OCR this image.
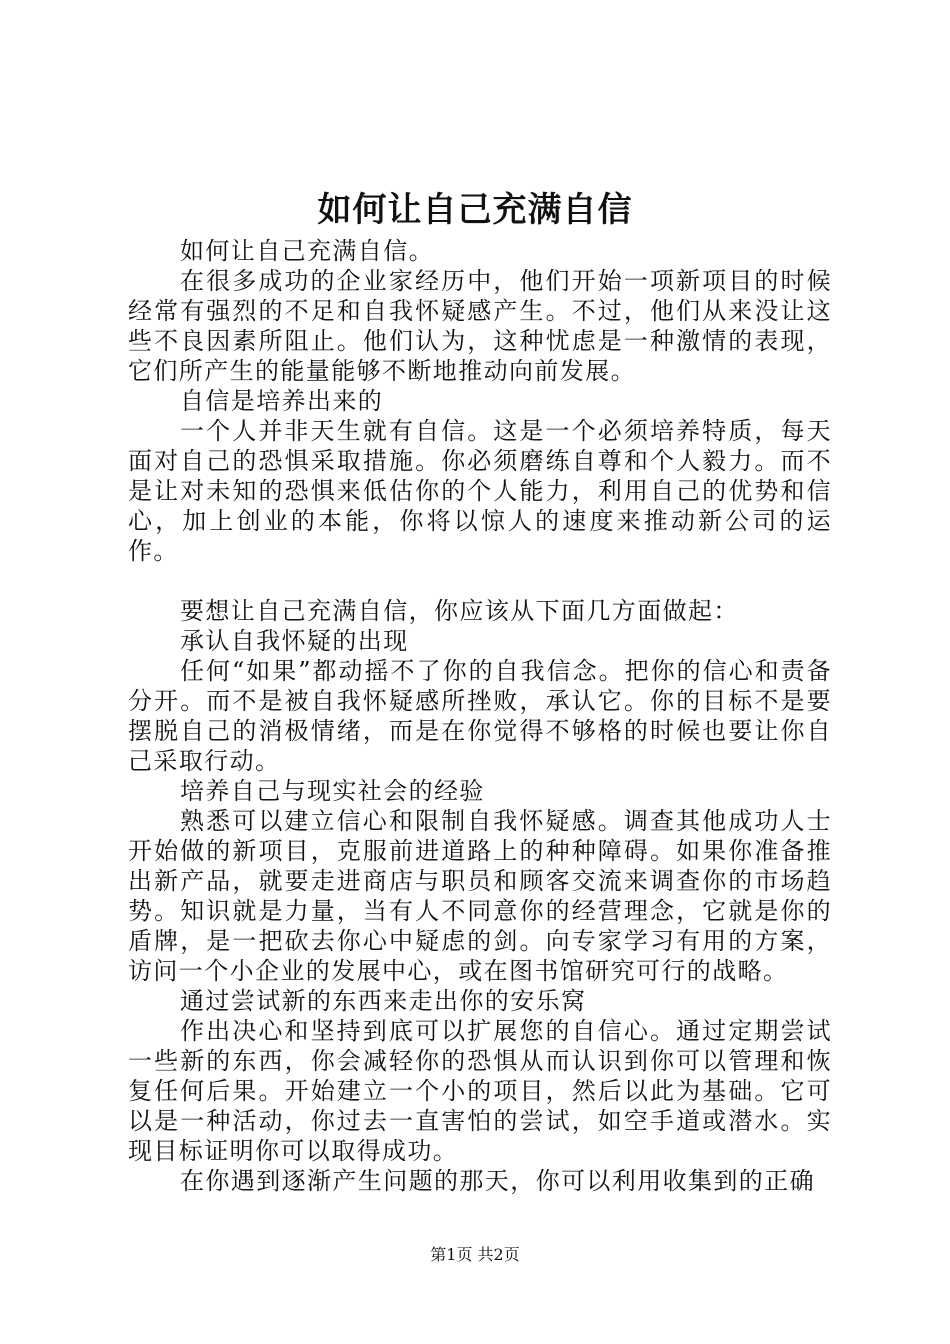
如何让自己充满自信

如何让自己充满自信。

在很多成功的企业家经历中，他们开始一项新项目的时候经常有强烈的不足和自我怀疑感产生。不过，他们从来没让这些不良因素所阻止。他们认为，这种忧虑是一种激情的表现，它们所产生的能量能够不断地推动向前发展。

自信是培养出来的

一个人并非天生就有自信。这是一个必须培养特质，每天面对自己的恐惧采取措施。你必须磨练自尊和个人毅力。而不是让对未知的恐惧来低估你的个人能力，利用自己的优势和信心，加上创业的本能，你将以惊人的速度来推动新公司的运作。

要想让自己充满自信，你应该从下面几方面做起：

承认自我怀疑的出现

任何“如果”都动摇不了你的自我信念。把你的信心和责备分开。而不是被自我怀疑感所挫败，承认它。你的目标不是要摆脱自己的消极情绪，而是在你觉得不够格的时候也要让你自己采取行动。

培养自己与现实社会的经验

熟悉可以建立信心和限制自我怀疑感。调查其他成功人士开始做的新项目，克服前进道路上的种种障碍。如果你准备推出新产品，就要走进商店与职员和顾客交流来调查你的市场趋势。知识就是力量，当有人不同意你的经营理念，它就是你的盾牌，是一把砍去你心中疑虑的剑。向专家学习有用的方案，访问一个小企业的发展中心，或在图书馆研究可行的战略。

通过尝试新的东西来走出你的安乐窝

作出决心和坚持到底可以扩展您的自信心。通过定期尝试一些新的东西，你会减轻你的恐惧从而认识到你可以管理和恢复任何后果。开始建立一个小的项目，然后以此为基础。它可以是一种活动，你过去一直害怕的尝试，如空手道或潜水。实现目标证明你可以取得成功。

在你遇到逐渐产生问题的那天，你可以利用收集到的正确

第1页 共2页
